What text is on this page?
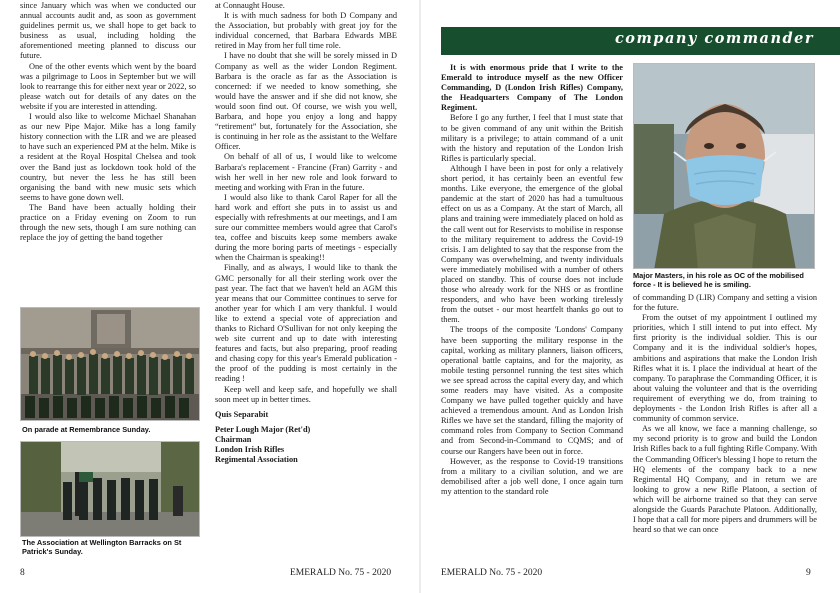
since January which was when we conducted our annual accounts audit and, as soon as government guidelines permit us, we shall hope to get back to business as usual, including holding the aforementioned meeting planned to discuss our future.

One of the other events which went by the board was a pilgrimage to Loos in September but we will look to rearrange this for either next year or 2022, so please watch out for details of any dates on the website if you are interested in attending.

I would also like to welcome Michael Shanahan as our new Pipe Major. Mike has a long family history connection with the LIR and we are pleased to have such an experienced PM at the helm. Mike is a resident at the Royal Hospital Chelsea and took over the Band just as lockdown took hold of the country, but never the less he has still been organising the band with new music sets which seems to have gone down well.

The Band have been actually holding their practice on a Friday evening on Zoom to run through the new sets, though I am sure nothing can replace the joy of getting the band together

On parade at Remembrance Sunday.
The Association at Wellington Barracks on St Patrick's Sunday.

at Connaught House.

It is with much sadness for both D Company and the Association, but probably with great joy for the individual concerned, that Barbara Edwards MBE retired in May from her full time role.

I have no doubt that she will be sorely missed in D Company as well as the wider London Regiment. Barbara is the oracle as far as the Association is concerned: if we needed to know something, she would have the answer and if she did not know, she would soon find out. Of course, we wish you well, Barbara, and hope you enjoy a long and happy “retirement” but, fortunately for the Association, she is continuing in her role as the assistant to the Welfare Officer.

On behalf of all of us, I would like to welcome Barbara's replacement - Francine (Fran) Garrity - and wish her well in her new role and look forward to meeting and working with Fran in the future.

I would also like to thank Carol Raper for all the hard work and effort she puts in to assist us and especially with refreshments at our meetings, and I am sure our committee members would agree that Carol's tea, coffee and biscuits keep some members awake during the more boring parts of meetings - especially when the Chairman is speaking!!

Finally, and as always, I would like to thank the GMC personally for all their sterling work over the past year. The fact that we haven't held an AGM this year means that our Committee continues to serve for another year for which I am very thankful. I would like to extend a special vote of appreciation and thanks to Richard O'Sullivan for not only keeping the web site current and up to date with interesting features and facts, but also preparing, proof reading and chasing copy for this year's Emerald publication - the proof of the pudding is most certainly in the reading !

Keep well and keep safe, and hopefully we shall soon meet up in better times.

Quis Separabit

Peter Lough Major (Ret'd)

Chairman

London Irish Rifles

Regimental Association

8	EMERALD No. 75 - 2020
company commander

It is with enormous pride that I write to the Emerald to introduce myself as the new Officer Commanding, D (London Irish Rifles) Company, the Headquarters Company of The London Regiment.

Before I go any further, I feel that I must state that to be given command of any unit within the British military is a privilege; to attain command of a unit with the history and reputation of the London Irish Rifles is particularly special.

Although I have been in post for only a relatively short period, it has certainly been an eventful few months. Like everyone, the emergence of the global pandemic at the start of 2020 has had a tumultuous effect on us as a Company. At the start of March, all plans and training were immediately placed on hold as the call went out for Reservists to mobilise in response to the military requirement to address the Covid-19 crisis. I am delighted to say that the response from the Company was overwhelming, and twenty individuals were immediately mobilised with a number of others placed on standby. This of course does not include those who already work for the NHS or as frontline responders, and who have been working tirelessly from the outset - our most heartfelt thanks go out to them.

The troops of the composite 'Londons' Company have been supporting the military response in the capital, working as military planners, liaison officers, operational battle captains, and for the majority, as mobile testing personnel running the test sites which we see spread across the capital every day, and which some readers may have visited. As a composite Company we have pulled together quickly and have achieved a tremendous amount. And as London Irish Rifles we have set the standard, filling the majority of command roles from Company to Section Command and from Second-in-Command to CQMS; and of course our Rangers have been out in force.

However, as the response to Covid-19 transitions from a military to a civilian solution, and we are demobilised after a job well done, I once again turn my attention to the standard role

Major Masters, in his role as OC of the mobilised force - It is believed he is smiling.

of commanding D (LIR) Company and setting a vision for the future.

From the outset of my appointment I outlined my priorities, which I still intend to put into effect. My first priority is the individual soldier. This is our Company and it is the individual soldier's hopes, ambitions and aspirations that make the London Irish Rifles what it is. I place the individual at heart of the company. To paraphrase the Commanding Officer, it is about valuing the volunteer and that is the overriding requirement of everything we do, from training to deployments - the London Irish Rifles is after all a community of common service.

As we all know, we face a manning challenge, so my second priority is to grow and build the London Irish Rifles back to a full fighting Rifle Company. With the Commanding Officer's blessing I hope to return the HQ elements of the company back to a new Regimental HQ Company, and in return we are looking to grow a new Rifle Platoon, a section of which will be airborne trained so that they can serve alongside the Guards Parachute Platoon. Additionally, I hope that a call for more pipers and drummers will be heard so that we can once

EMERALD No. 75 - 2020	9
